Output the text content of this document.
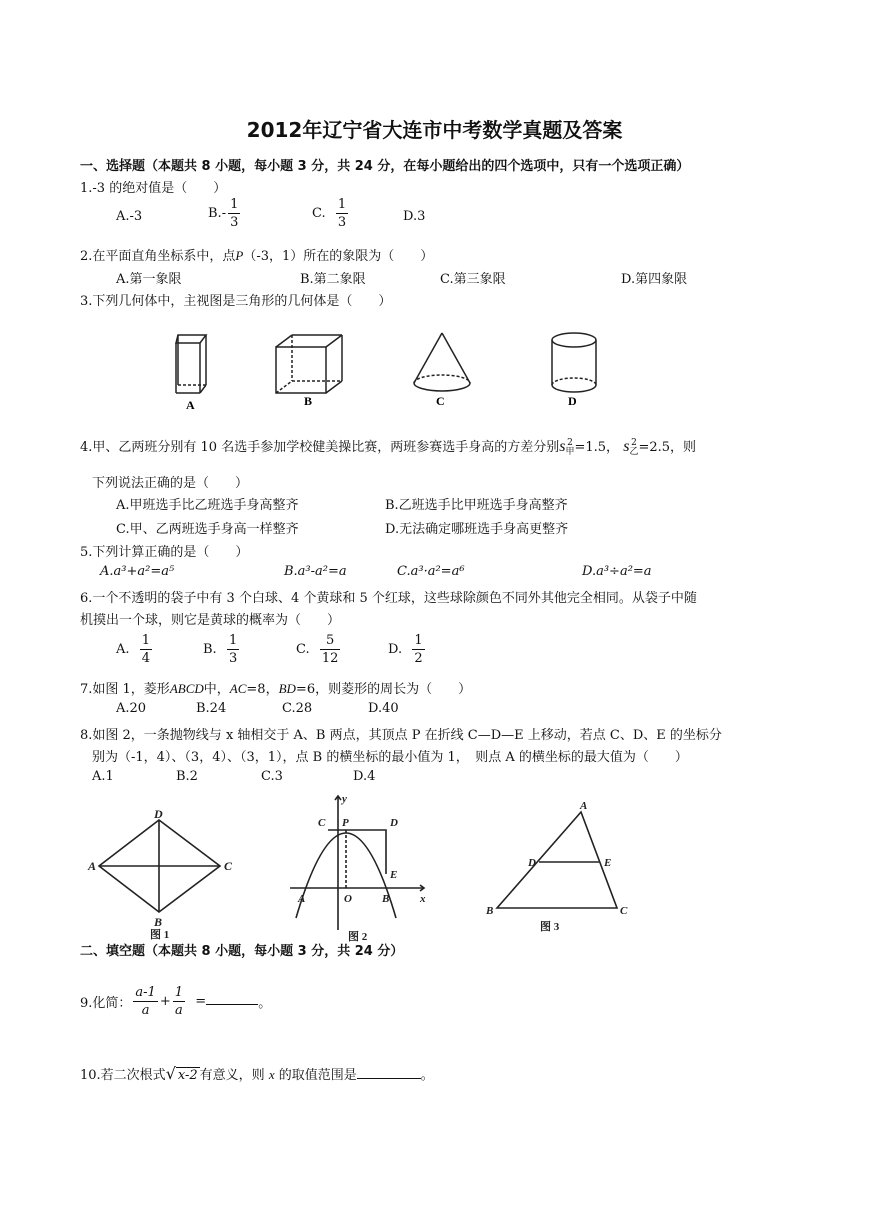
2012年辽宁省大连市中考数学真题及答案
一、选择题（本题共 8 小题，每小题 3 分，共 24 分，在每小题给出的四个选项中，只有一个选项正确）
1.-3 的绝对值是（　　）
A.-3	$B.- \frac{1}{3}$	C. $\frac{1}{3}$	D.3
2.在平面直角坐标系中，点P（-3，1）所在的象限为（　　）
A.第一象限	B.第二象限	C.第三象限	D.第四象限
3.下列几何体中，主视图是三角形的几何体是（　　）
A	B	C	D
4.甲、乙两班分别有 10 名选手参加学校健美操比赛，两班参赛选手身高的方差分别s 2
甲 =1.5， s 2
乙 =2.5，则
下列说法正确的是（　　）
A.甲班选手比乙班选手身高整齐	B.乙班选手比甲班选手身高整齐
C.甲、乙两班选手身高一样整齐	D.无法确定哪班选手身高更整齐
5.下列计算正确的是（　　）
A.a³+a²=a⁵	B.a³-a²=a	C.a³·a²=a⁶	D.a³÷a²=a
6.一个不透明的袋子中有 3 个白球、4 个黄球和 5 个红球，这些球除颜色不同外其他完全相同。从袋子中随
机摸出一个球，则它是黄球的概率为（　　）
A. $\frac{1}{4}$	B. $\frac{1}{3}$	C. $\frac{5}{12}$	D. $\frac{1}{2}$
7.如图 1，菱形ABCD中，AC=8，BD=6，则菱形的周长为（　　）
A.20	B.24	C.28	D.40
8.如图 2，一条抛物线与 x 轴相交于 A、B 两点，其顶点 P 在折线 C—D—E 上移动，若点 C、D、E 的坐标分
别为（-1，4）、（3，4）、（3，1），点 B 的横坐标的最小值为 1，　则点 A 的横坐标的最大值为（　　）
A.1	B.2	C.3	D.4
D
A	C
B
y
x
C P	D
E
A	O	B
A
B	C
D	E
图 1	图 2
图 3
二、填空题（本题共 8 小题，每小题 3 分，共 24 分）
9.化简： $\frac{a-1}{a} + \frac{1}{a}$ =	。
10.若二次根式√ x-2 有意义，则 x 的取值范围是	。
